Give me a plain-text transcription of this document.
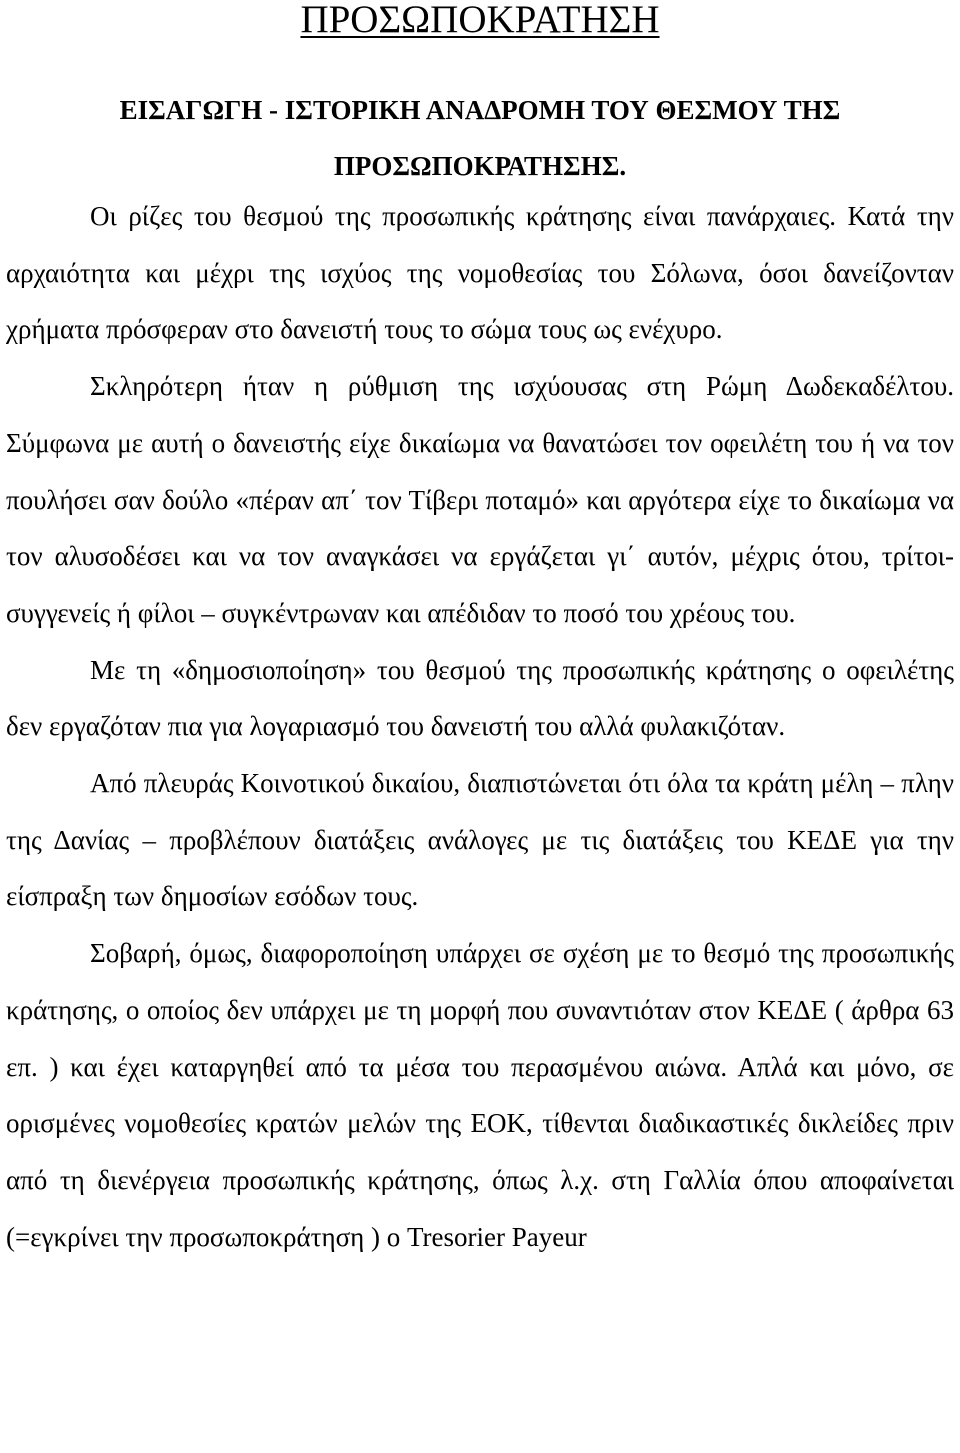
ΠΡΟΣΩΠΟΚΡΑΤΗΣΗ
ΕΙΣΑΓΩΓΗ - ΙΣΤΟΡΙΚΗ ΑΝΑΔΡΟΜΗ ΤΟΥ ΘΕΣΜΟΥ ΤΗΣ ΠΡΟΣΩΠΟΚΡΑΤΗΣΗΣ.

Οι ρίζες του θεσμού της προσωπικής κράτησης είναι πανάρχαιες. Κατά την αρχαιότητα και μέχρι της ισχύος της νομοθεσίας του Σόλωνα, όσοι δανείζονταν χρήματα πρόσφεραν στο δανειστή τους το σώμα τους ως ενέχυρο.

Σκληρότερη ήταν η ρύθμιση της ισχύουσας στη Ρώμη Δωδεκαδέλτου. Σύμφωνα με αυτή ο δανειστής είχε δικαίωμα να θανατώσει τον οφειλέτη του ή να τον πουλήσει σαν δούλο «πέραν απ΄ τον Τίβερι ποταμό» και αργότερα είχε το δικαίωμα να τον αλυσοδέσει και να τον αναγκάσει να εργάζεται γι΄ αυτόν, μέχρις ότου, τρίτοι-συγγενείς ή φίλοι – συγκέντρωναν και απέδιδαν το ποσό του χρέους του.

Με τη «δημοσιοποίηση» του θεσμού της προσωπικής κράτησης ο οφειλέτης δεν εργαζόταν πια για λογαριασμό του δανειστή του αλλά φυλακιζόταν.

Από πλευράς Κοινοτικού δικαίου, διαπιστώνεται ότι όλα τα κράτη μέλη – πλην της Δανίας – προβλέπουν διατάξεις ανάλογες με τις διατάξεις του ΚΕΔΕ για την είσπραξη των δημοσίων εσόδων τους.

Σοβαρή, όμως, διαφοροποίηση υπάρχει σε σχέση με το θεσμό της προσωπικής κράτησης, ο οποίος δεν υπάρχει με τη μορφή που συναντιόταν στον ΚΕΔΕ ( άρθρα 63 επ. ) και έχει καταργηθεί από τα μέσα του περασμένου αιώνα. Απλά και μόνο, σε ορισμένες νομοθεσίες κρατών μελών της ΕΟΚ, τίθενται διαδικαστικές δικλείδες πριν από τη διενέργεια προσωπικής κράτησης, όπως λ.χ. στη Γαλλία όπου αποφαίνεται (=εγκρίνει την προσωποκράτηση ) ο Tresorier Payeur
